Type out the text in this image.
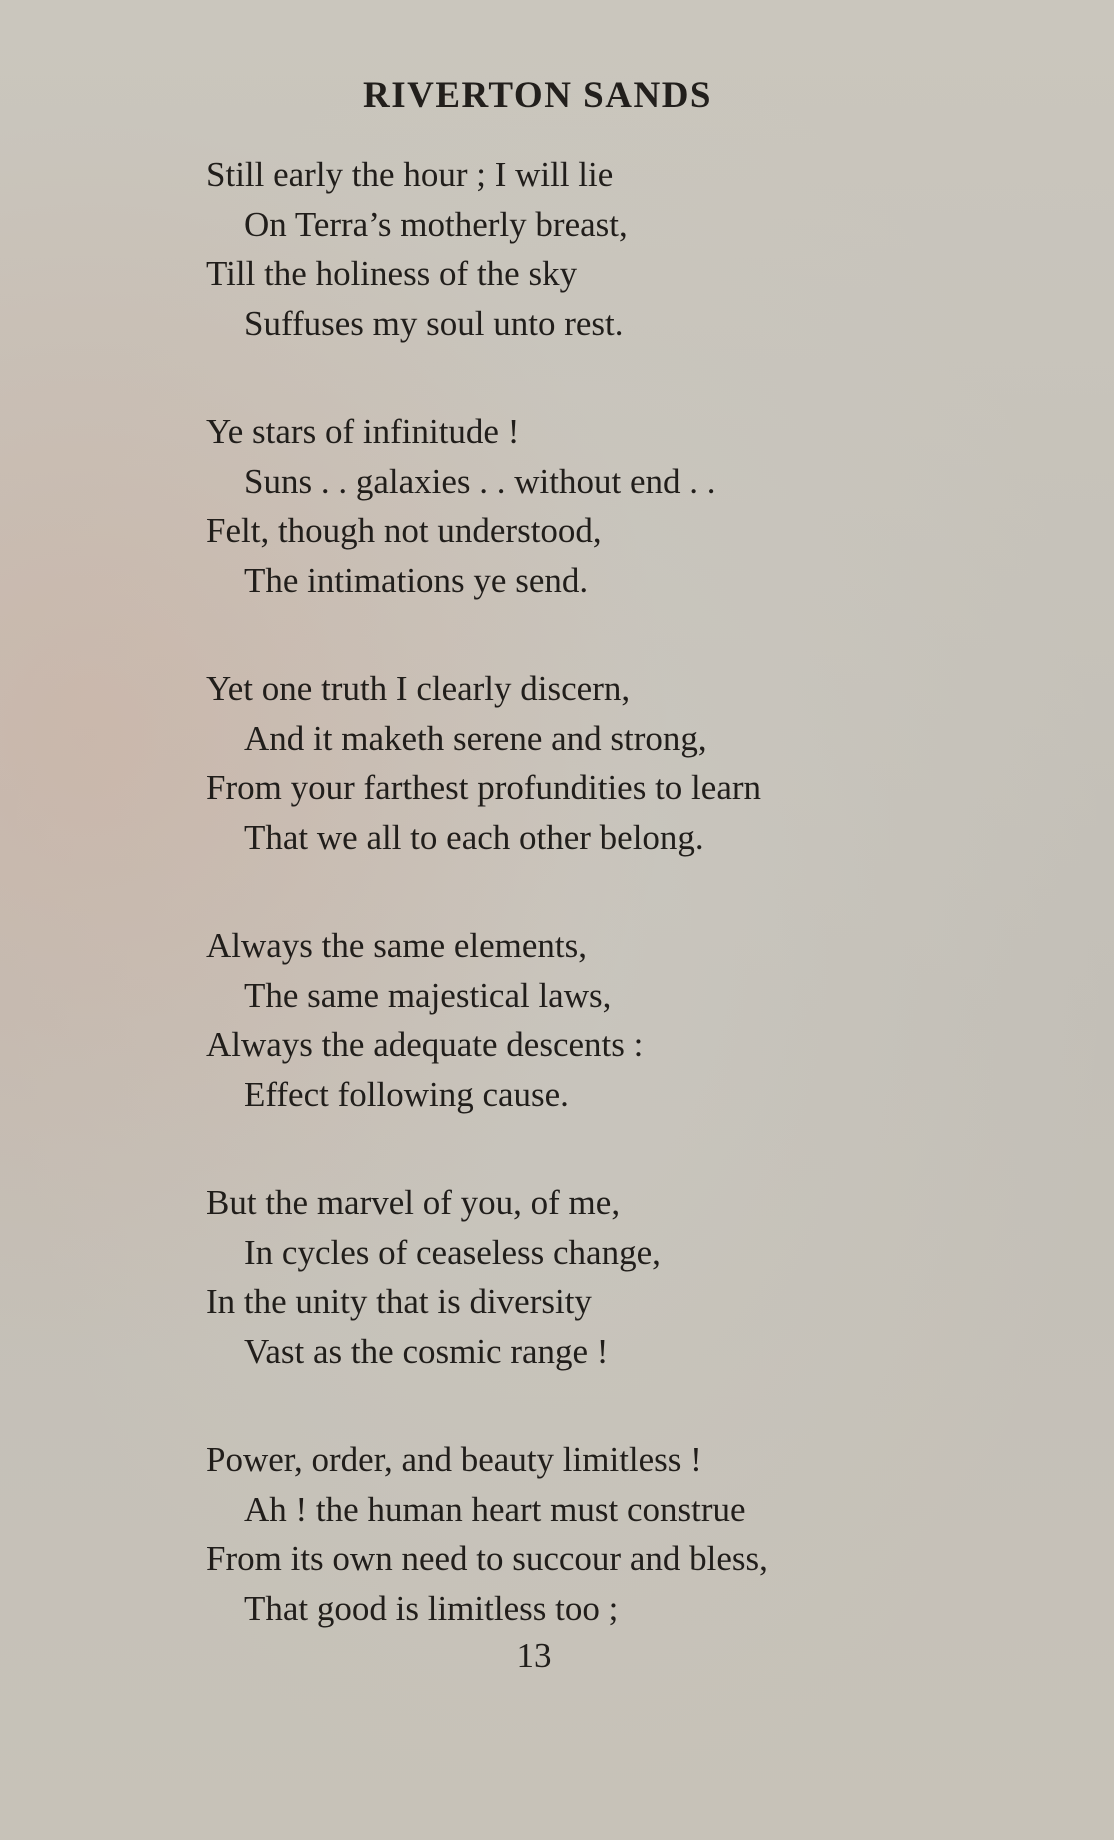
RIVERTON SANDS
Still early the hour ; I will lie
On Terra’s motherly breast,
Till the holiness of the sky
Suffuses my soul unto rest.
Ye stars of infinitude !
Suns . . galaxies . . without end . .
Felt, though not understood,
The intimations ye send.
Yet one truth I clearly discern,
And it maketh serene and strong,
From your farthest profundities to learn
That we all to each other belong.
Always the same elements,
The same majestical laws,
Always the adequate descents :
Effect following cause.
But the marvel of you, of me,
In cycles of ceaseless change,
In the unity that is diversity
Vast as the cosmic range !
Power, order, and beauty limitless !
Ah ! the human heart must construe
From its own need to succour and bless,
That good is limitless too ;
13
